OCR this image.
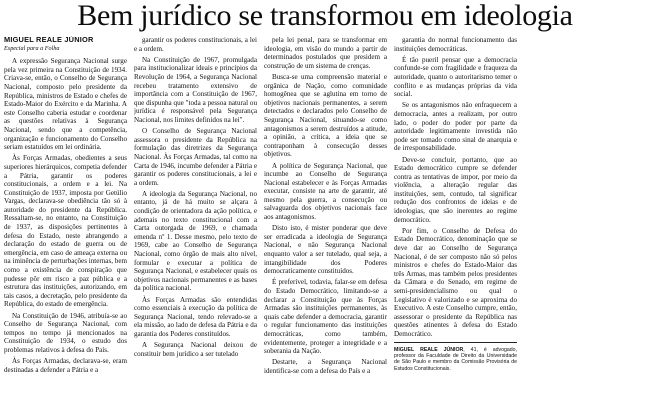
Bem jurídico se transformou em ideologia
MIGUEL REALE JÚNIOR
Especial para a Folha

A expressão Segurança Nacional surge pela vez primeira na Constituição de 1934. Criava-se, então, o Conselho de Segurança Nacional, composto pelo presidente da República, ministros de Estado e chefes de Estado-Maior do Exército e da Marinha. A este Conselho caberia estudar e coordenar as questões relativas à Segurança Nacional, sendo que a competência, organização e funcionamento do Conselho seriam estatuídos em lei ordinária.

Às Forças Armadas, obedientes a seus superiores hierárquicos, competia defender a Pátria, garantir os poderes constitucionais, a ordem e a lei. Na Constituição de 1937, imposta por Getúlio Vargas, declarava-se obediência tão só à autoridade do presidente da República. Ressaltam-se, no entanto, na Constituição de 1937, as disposições pertinentes à defesa do Estado, neste abrangendo a declaração do estado de guerra ou de emergência, em caso de ameaça externa ou na iminência de perturbações internas, bem como a existência de conspiração que pudesse pôr em risco a paz pública e a estrutura das instituições, autorizando, em tais casos, a decretação, pelo presidente da República, do estado de emergência.

Na Constituição de 1946, atribuía-se ao Conselho de Segurança Nacional, com tempos no tempo já mencionados na Constituição de 1934, o estudo dos problemas relativos à defesa do País.

Às Forças Armadas, declarava-se, eram destinadas a defender a Pátria e a

garantir os poderes constitucionais, a lei e a ordem.

Na Constituição de 1967, promulgada para institucionalizar ideais e princípios da Revolução de 1964, a Segurança Nacional recebeu tratamento extensivo de importância com a Constituição de 1967, que dispunha que "toda a pessoa natural ou jurídica é responsável pela Segurança Nacional, nos limites definidos na lei".

O Conselho de Segurança Nacional assessora o presidente da República na formulação das diretrizes da Segurança Nacional. Às Forças Armadas, tal como na Carta de 1946, incumbe defender a Pátria e garantir os poderes constitucionais, a lei e a ordem.

A ideologia da Segurança Nacional, no entanto, já de há muito se alçara à condição de orientadora da ação política, e ademais no texto constitucional com a Carta outorgada de 1969, e chamada emenda nº 1. Desse mesmo, pelo texto de 1969, cabe ao Conselho de Segurança Nacional, como órgão de mais alto nível, formular e executar a política de Segurança Nacional, e estabelecer quais os objetivos nacionais permanentes e as bases da política nacional.

Às Forças Armadas são entendidas como essenciais à execução da política de Segurança Nacional, tendo relevado-se a ela missão, ao lado de defesa da Pátria e da garantia dos Poderes constituídos.

A Segurança Nacional deixou de constituir bem jurídico a ser tutelado

pela lei penal, para se transformar em ideologia, em visão do mundo a partir de determinados postulados que presidem a construção de um sistema de crenças.

Busca-se uma compreensão material e orgânica de Nação, como comunidade homogênea que se aglutina em torno de objetivos nacionais permanentes, a serem detectados e declarados pelo Conselho de Segurança Nacional, situando-se como antagonismos a serem destruídos a atitude, a opinião, a crítica, a ideia que se contraponham à consecução desses objetivos.

A política de Segurança Nacional, que incumbe ao Conselho de Segurança Nacional estabelecer e às Forças Armadas executar, consiste na arte de garantir, até mesmo pela guerra, a consecução ou salvaguarda dos objetivos nacionais face aos antagonismos.

Disto isto, é mister ponderar que deve ser erradicada a ideologia de Segurança Nacional, e não Segurança Nacional enquanto valor a ser tutelado, qual seja, a intangibilidade dos Poderes democraticamente constituídos.

É preferível, todavia, falar-se em defesa do Estado Democrático, limitando-se a declarar a Constituição que às Forças Armadas são instituições permanentes, às quais cabe defender a democracia, garantir o regular funcionamento das instituições democráticas, como também, evidentemente, proteger a integridade e a soberania da Nação.

Destarte, a Segurança Nacional identifica-se com a defesa do País e a

garantia do normal funcionamento das instituições democráticas.

É tão pueril pensar que a democracia confunde-se com fragilidade e fraqueza da autoridade, quanto o autoritarismo temer o conflito e as mudanças próprias da vida social.

Se os antagonismos não enfraquecem a democracia, antes a realizam, por outro lado, o poder do poder por parte da autoridade legitimamente investida não pode ser tomado como sinal de anarquia e de irresponsabilidade.

Deve-se concluir, portanto, que ao Estado democrático cumpre se defender contra as tentativas de impor, por meio da violência, a alteração regular das instituições, sem, contudo, tal significar redução dos confrontos de ideias e de ideologias, que são inerentes ao regime democrático.

Por fim, o Conselho de Defesa do Estado Democrático, denominação que se deve dar ao Conselho de Segurança Nacional, é de ser composto não só pelos ministros e chefes do Estado-Maior das três Armas, mas também pelos presidentes da Câmara e do Senado, em regime de semi-presidencialismo ou qual o Legislativo é valorizado e se aproxima do Executivo. A este Conselho cumpre, então, assessorar o presidente da República nas questões atinentes à defesa do Estado Democrático.

MIGUEL REALE JÚNIOR, 41, é advogado, professor da Faculdade de Direito da Universidade de São Paulo e membro da Comissão Provisória de Estudos Constitucionais.
